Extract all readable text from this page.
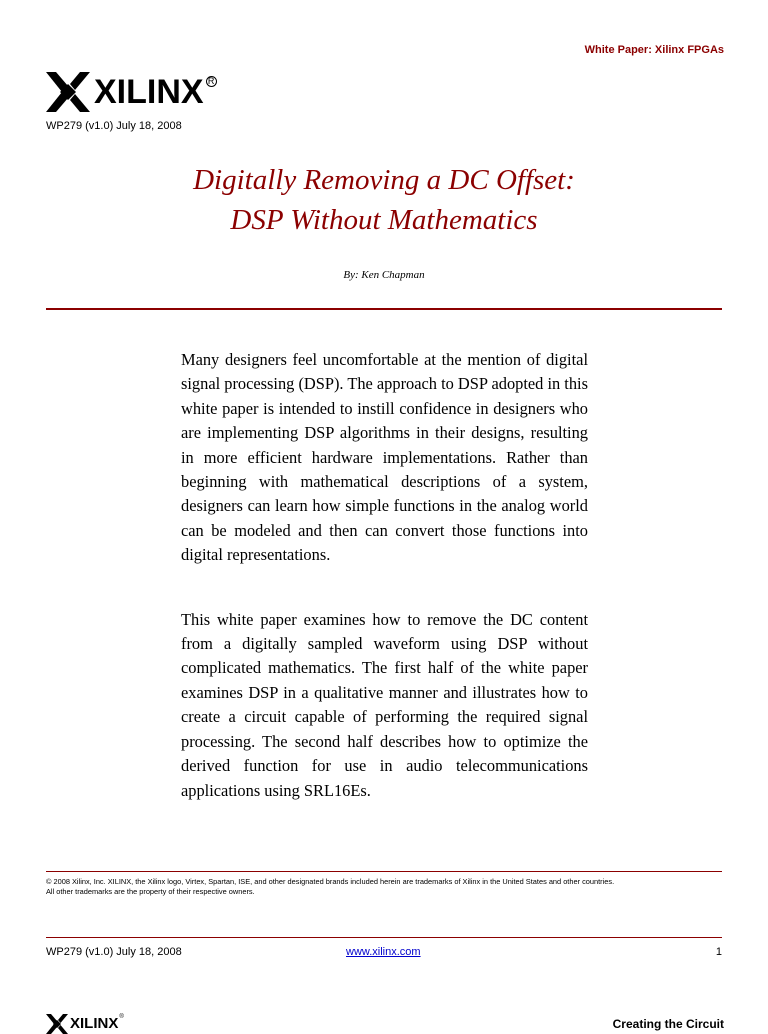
White Paper: Xilinx FPGAs
XILINX R
WP279 (v1.0) July 18, 2008
Digitally Removing a DC Offset:
DSP Without Mathematics
By: Ken Chapman

Many designers feel uncomfortable at the mention of digital signal processing (DSP). The approach to DSP adopted in this white paper is intended to instill confidence in designers who are implementing DSP algorithms in their designs, resulting in more efficient hardware implementations. Rather than beginning with mathematical descriptions of a system, designers can learn how simple functions in the analog world can be modeled and then can convert those functions into digital representations.

This white paper examines how to remove the DC content from a digitally sampled waveform using DSP without complicated mathematics. The first half of the white paper examines DSP in a qualitative manner and illustrates how to create a circuit capable of performing the required signal processing. The second half describes how to optimize the derived function for use in audio telecommunications applications using SRL16Es.

© 2008 Xilinx, Inc. XILINX, the Xilinx logo, Virtex, Spartan, ISE, and other designated brands included herein are trademarks of Xilinx in the United States and other countries.
All other trademarks are the property of their respective owners.
WP279 (v1.0) July 18, 2008	www.xilinx.com	1
XILINX ®	Creating the Circuit
